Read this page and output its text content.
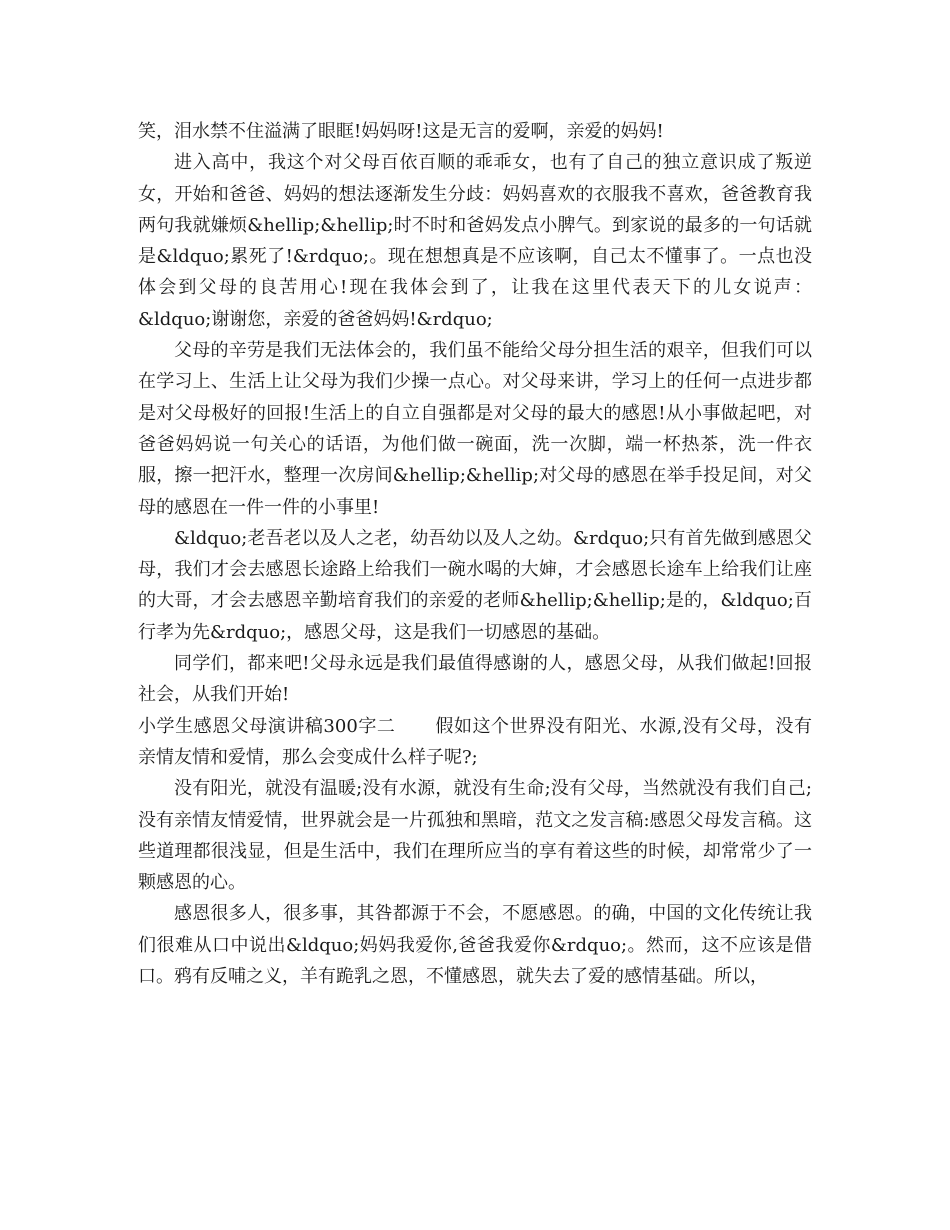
笑，泪水禁不住溢满了眼眶!妈妈呀!这是无言的爱啊，亲爱的妈妈!

进入高中，我这个对父母百依百顺的乖乖女，也有了自己的独立意识成了叛逆女，开始和爸爸、妈妈的想法逐渐发生分歧：妈妈喜欢的衣服我不喜欢，爸爸教育我两句我就嫌烦&hellip;&hellip;时不时和爸妈发点小脾气。到家说的最多的一句话就是&ldquo;累死了!&rdquo;。现在想想真是不应该啊，自己太不懂事了。一点也没体会到父母的良苦用心!现在我体会到了，让我在这里代表天下的儿女说声：&ldquo;谢谢您，亲爱的爸爸妈妈!&rdquo;

父母的辛劳是我们无法体会的，我们虽不能给父母分担生活的艰辛，但我们可以在学习上、生活上让父母为我们少操一点心。对父母来讲，学习上的任何一点进步都是对父母极好的回报!生活上的自立自强都是对父母的最大的感恩!从小事做起吧，对爸爸妈妈说一句关心的话语，为他们做一碗面，洗一次脚，端一杯热茶，洗一件衣服，擦一把汗水，整理一次房间&hellip;&hellip;对父母的感恩在举手投足间，对父母的感恩在一件一件的小事里!

&ldquo;老吾老以及人之老，幼吾幼以及人之幼。&rdquo;只有首先做到感恩父母，我们才会去感恩长途路上给我们一碗水喝的大婶，才会感恩长途车上给我们让座的大哥，才会去感恩辛勤培育我们的亲爱的老师&hellip;&hellip;是的，&ldquo;百行孝为先&rdquo;，感恩父母，这是我们一切感恩的基础。

同学们，都来吧!父母永远是我们最值得感谢的人，感恩父母，从我们做起!回报社会，从我们开始!

小学生感恩父母演讲稿300字二 假如这个世界没有阳光、水源,没有父母，没有亲情友情和爱情，那么会变成什么样子呢?;

没有阳光，就没有温暖;没有水源，就没有生命;没有父母，当然就没有我们自己;没有亲情友情爱情，世界就会是一片孤独和黑暗，范文之发言稿:感恩父母发言稿。这些道理都很浅显，但是生活中，我们在理所应当的享有着这些的时候，却常常少了一颗感恩的心。

感恩很多人，很多事，其咎都源于不会，不愿感恩。的确，中国的文化传统让我们很难从口中说出&ldquo;妈妈我爱你,爸爸我爱你&rdquo;。然而，这不应该是借口。鸦有反哺之义，羊有跪乳之恩，不懂感恩，就失去了爱的感情基础。所以，
